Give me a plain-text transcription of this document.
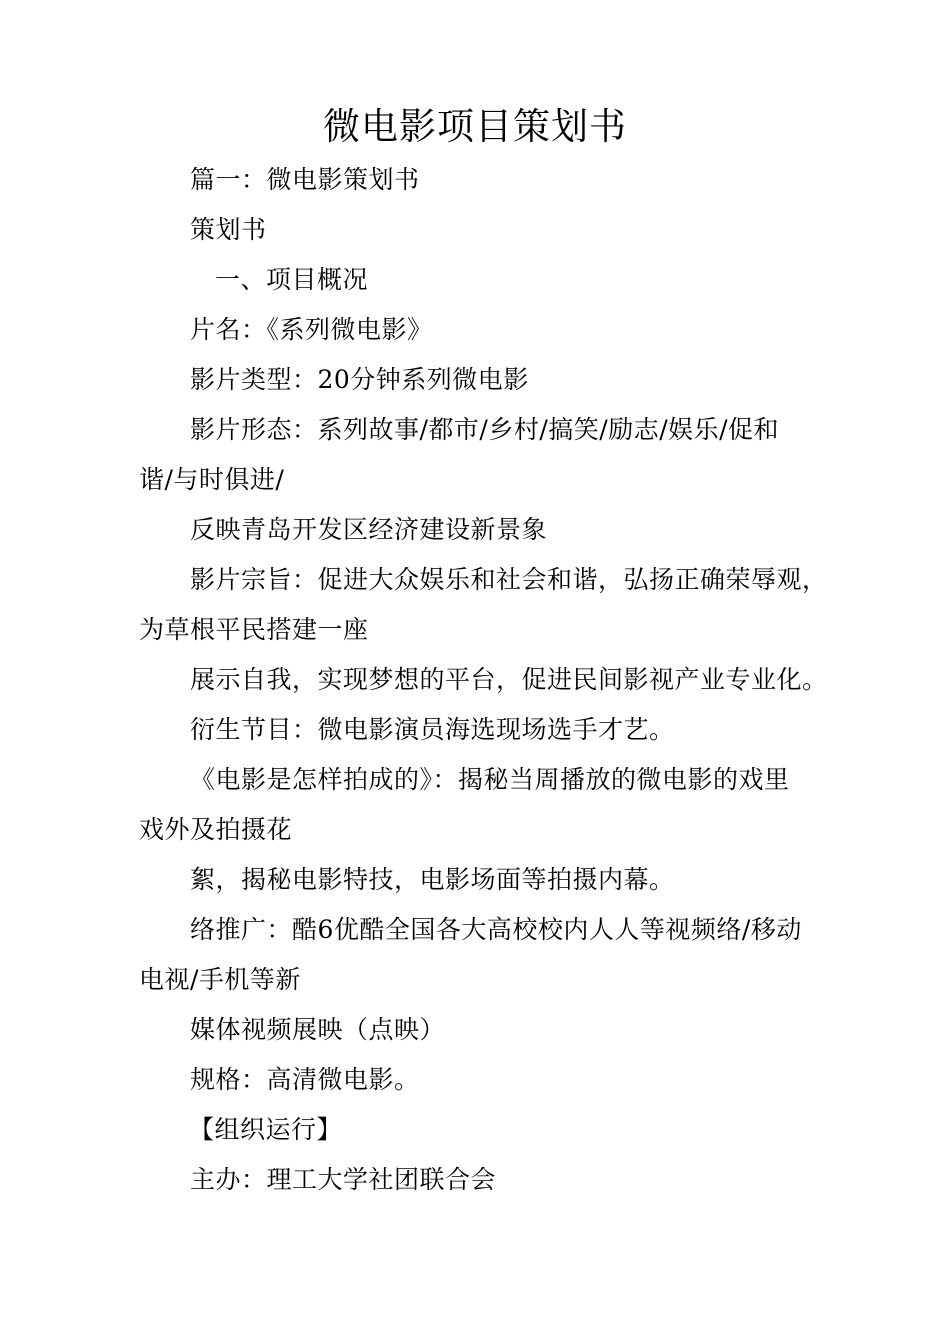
微电影项目策划书
篇一：微电影策划书
策划书
一、项目概况
片名：《系列微电影》
影片类型：20分钟系列微电影
影片形态：系列故事/都市/乡村/搞笑/励志/娱乐/促和
谐/与时俱进/
反映青岛开发区经济建设新景象
影片宗旨：促进大众娱乐和社会和谐，弘扬正确荣辱观，
为草根平民搭建一座
展示自我，实现梦想的平台，促进民间影视产业专业化。
衍生节目：微电影演员海选现场选手才艺。
《电影是怎样拍成的》：揭秘当周播放的微电影的戏里
戏外及拍摄花
絮，揭秘电影特技，电影场面等拍摄内幕。
络推广：酷6优酷全国各大高校校内人人等视频络/移动
电视/手机等新
媒体视频展映（点映）
规格：高清微电影。
【组织运行】
主办：理工大学社团联合会
